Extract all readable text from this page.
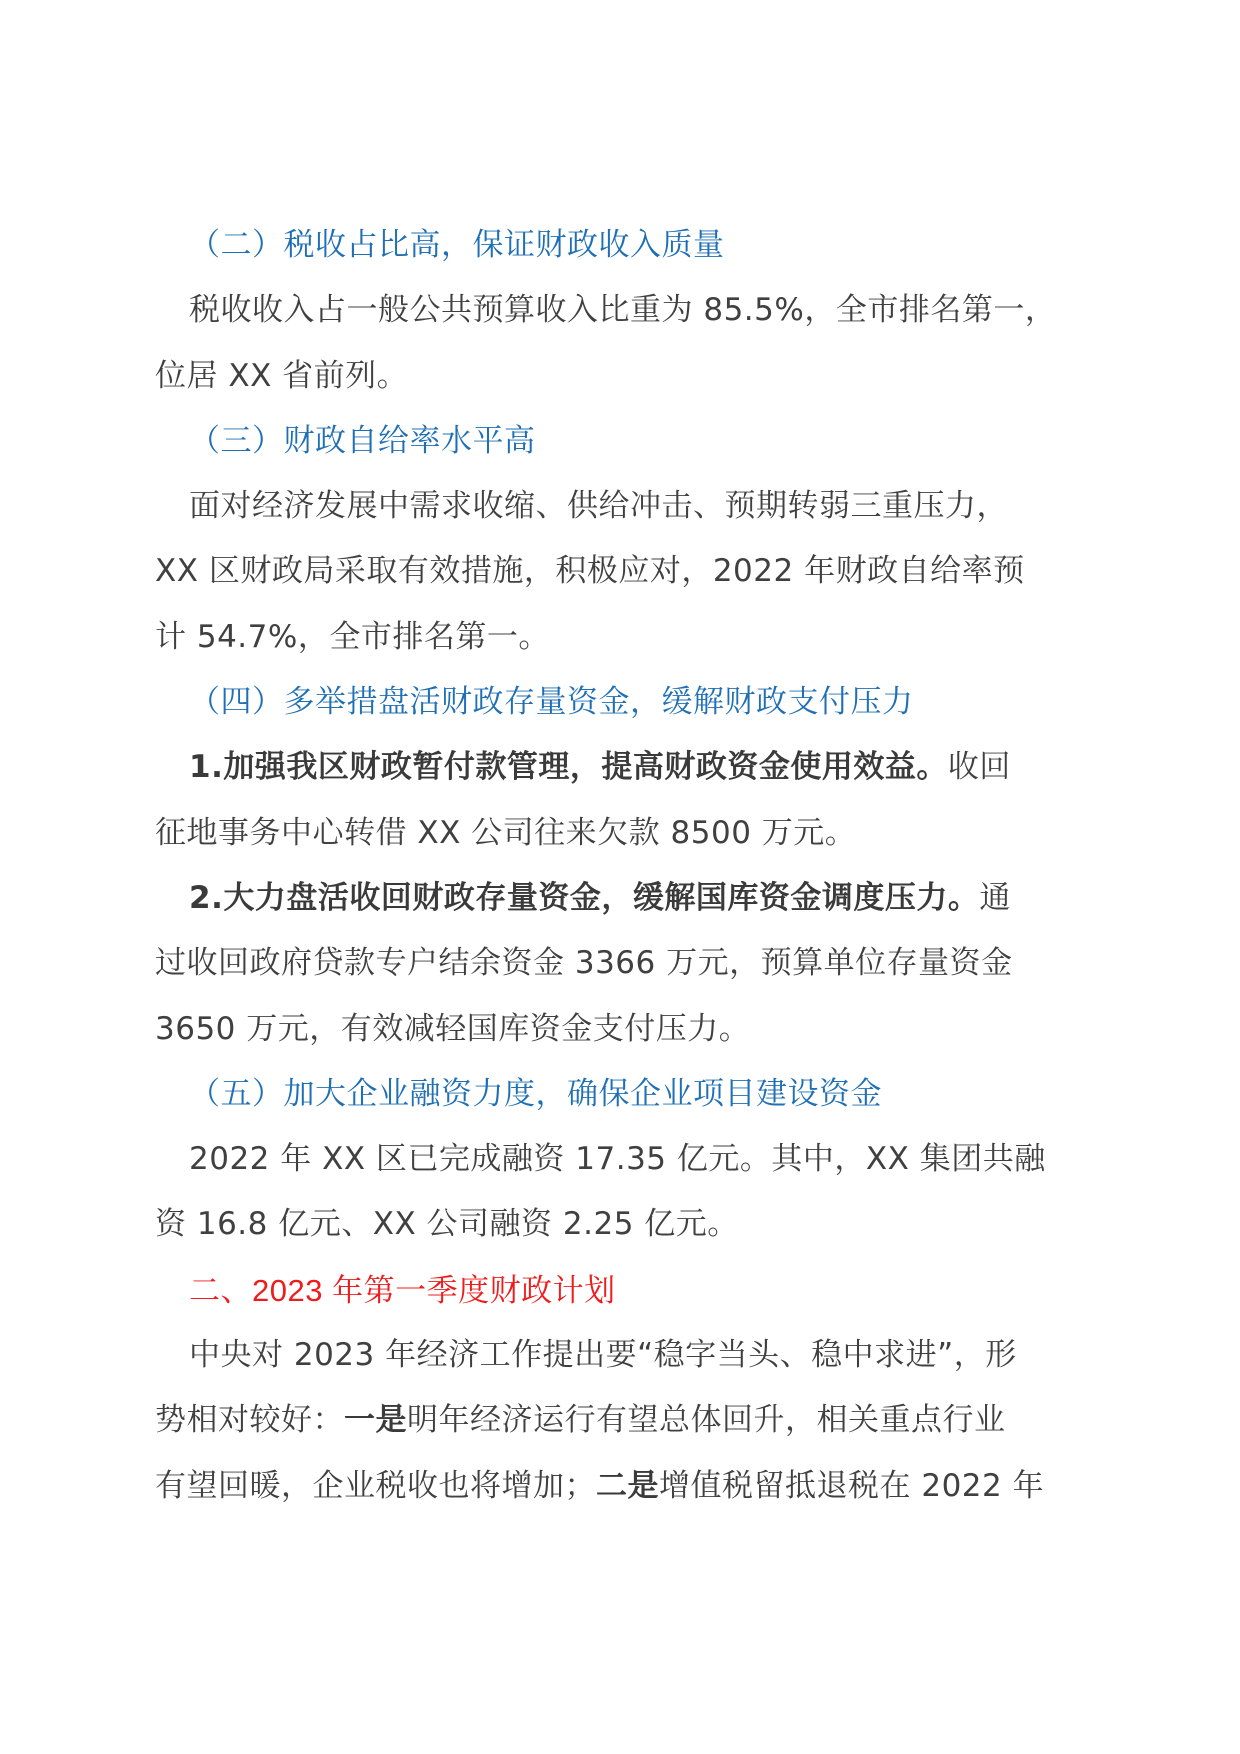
（二）税收占比高，保证财政收入质量
税收收入占一般公共预算收入比重为 85.5%，全市排名第一，
位居 XX 省前列。
（三）财政自给率水平高
面对经济发展中需求收缩、供给冲击、预期转弱三重压力，
XX 区财政局采取有效措施，积极应对，2022 年财政自给率预
计 54.7%，全市排名第一。
（四）多举措盘活财政存量资金，缓解财政支付压力
1.加强我区财政暂付款管理，提高财政资金使用效益。收回
征地事务中心转借 XX 公司往来欠款 8500 万元。
2.大力盘活收回财政存量资金，缓解国库资金调度压力。通
过收回政府贷款专户结余资金 3366 万元，预算单位存量资金
3650 万元，有效减轻国库资金支付压力。
（五）加大企业融资力度，确保企业项目建设资金
2022 年 XX 区已完成融资 17.35 亿元。其中，XX 集团共融
资 16.8 亿元、XX 公司融资 2.25 亿元。
二、2023 年第一季度财政计划
中央对 2023 年经济工作提出要“稳字当头、稳中求进”，形
势相对较好：一是明年经济运行有望总体回升，相关重点行业
有望回暖，企业税收也将增加；二是增值税留抵退税在 2022 年
